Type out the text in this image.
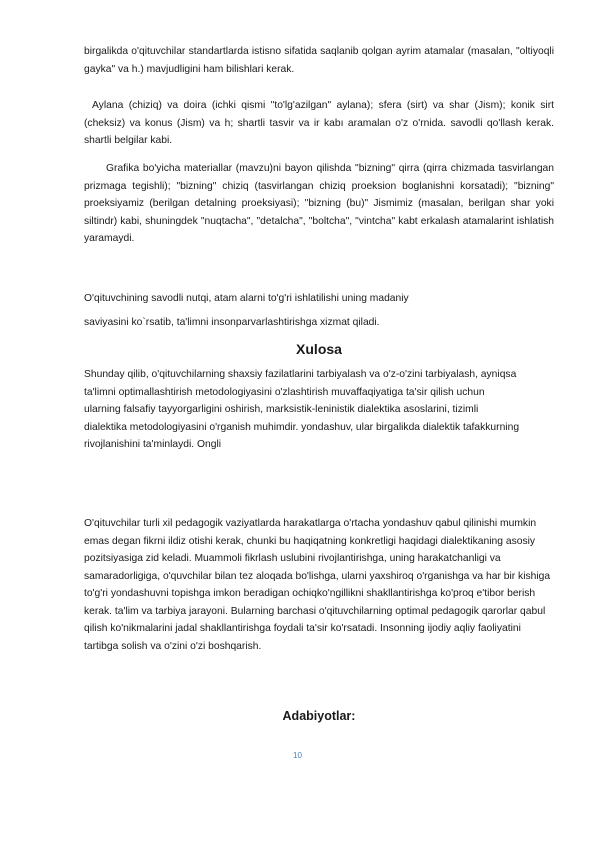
birgalikda o'qituvchilar standartlarda istisno sifatida saqlanib qolgan ayrim atamalar (masalan, "oltiyoqli gayka" va h.) mavjudligini ham bilishlari kerak.

Aylana (chiziq) va doira (ichki qismi "to'lg'azilgan" aylana); sfera (sirt) va shar (Jism); konik sirt (cheksiz) va konus (Jism) va h; shartli tasvir va ir kabı aramalan o'z o'rnida. savodli qo'llash kerak. shartli belgilar kabi.

Grafika bo'yicha materiallar (mavzu)ni bayon qilishda "bizning" qirra (qirra chizmada tasvirlangan prizmaga tegishli); "bizning" chiziq (tasvirlangan chiziq proeksion boglanishni korsatadi); "bizning" proeksiyamiz (berilgan detalning proeksiyasi); "bizning (bu)" Jismimiz (masalan, berilgan shar yoki siltindr) kabi, shuningdek "nuqtacha", "detalcha", "boltcha", "vintcha" kabt erkalash atamalarint ishlatish yaramaydi.

O'qituvchining savodli nutqi, atam alarni to'g'ri ishlatilishi uning madaniy

saviyasini ko`rsatib, ta'limni insonparvarlashtirishga xizmat qiladi.

Xulosa

Shunday qilib, o'qituvchilarning shaxsiy fazilatlarini tarbiyalash va o'z-o'zini tarbiyalash, ayniqsa ta'limni optimallashtirish metodologiyasini o'zlashtirish muvaffaqiyatiga ta'sir qilish uchun ularning falsafiy tayyorgarligini oshirish, marksistik-leninistik dialektika asoslarini, tizimli dialektika metodologiyasini o'rganish muhimdir. yondashuv, ular birgalikda dialektik tafakkurning rivojlanishini ta'minlaydi. Ongli

O'qituvchilar turli xil pedagogik vaziyatlarda harakatlarga o'rtacha yondashuv qabul qilinishi mumkin emas degan fikrni ildiz otishi kerak, chunki bu haqiqatning konkretligi haqidagi dialektikaning asosiy pozitsiyasiga zid keladi. Muammoli fikrlash uslubini rivojlantirishga, uning harakatchanligi va samaradorligiga, o'quvchilar bilan tez aloqada bo'lishga, ularni yaxshiroq o'rganishga va har bir kishiga to'g'ri yondashuvni topishga imkon beradigan ochiqko'ngillikni shakllantirishga ko'proq e'tibor berish kerak. ta'lim va tarbiya jarayoni. Bularning barchasi o'qituvchilarning optimal pedagogik qarorlar qabul qilish ko'nikmalarini jadal shakllantirishga foydali ta'sir ko'rsatadi. Insonning ijodiy aqliy faoliyatini tartibga solish va o'zini o'zi boshqarish.

Adabiyotlar:
10
